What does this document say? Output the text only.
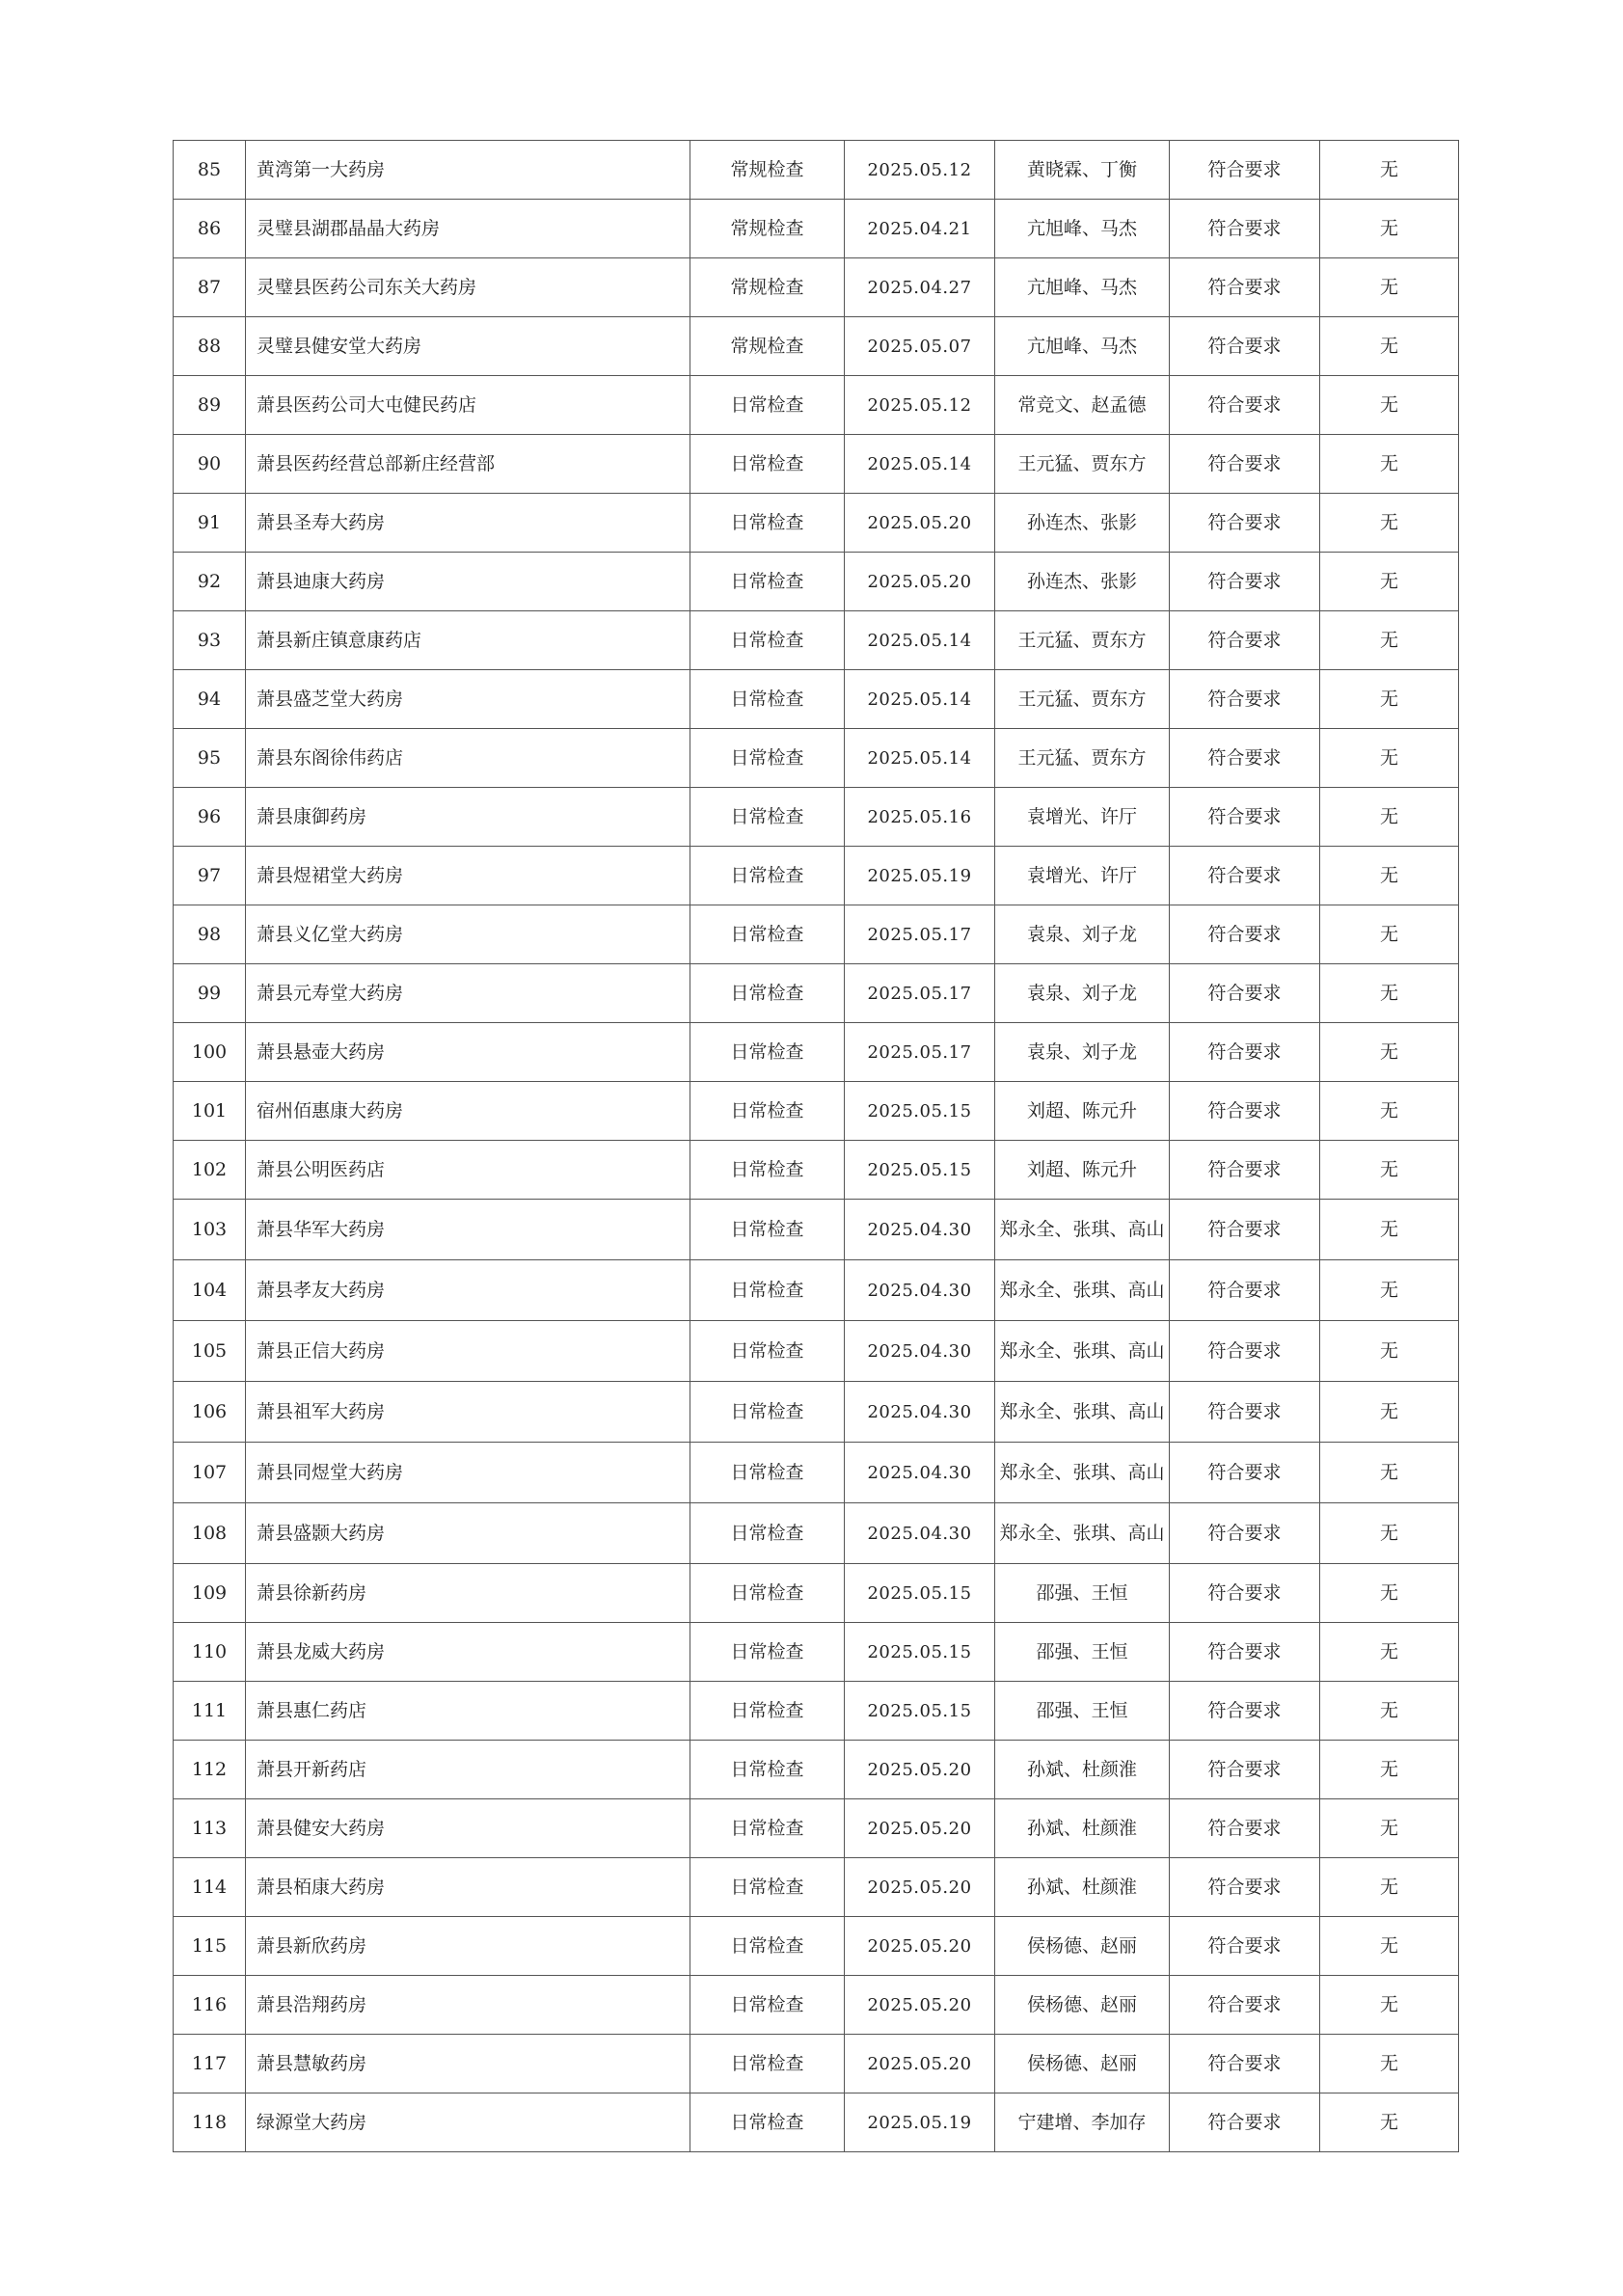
85	黄湾第一大药房	常规检查	2025.05.12	黄晓霖、丁衡	符合要求	无
86	灵璧县湖郡晶晶大药房	常规检查	2025.04.21	亢旭峰、马杰	符合要求	无
87	灵璧县医药公司东关大药房	常规检查	2025.04.27	亢旭峰、马杰	符合要求	无
88	灵璧县健安堂大药房	常规检查	2025.05.07	亢旭峰、马杰	符合要求	无
89	萧县医药公司大屯健民药店	日常检查	2025.05.12	常竞文、赵孟德	符合要求	无
90	萧县医药经营总部新庄经营部	日常检查	2025.05.14	王元猛、贾东方	符合要求	无
91	萧县圣寿大药房	日常检查	2025.05.20	孙连杰、张影	符合要求	无
92	萧县迪康大药房	日常检查	2025.05.20	孙连杰、张影	符合要求	无
93	萧县新庄镇意康药店	日常检查	2025.05.14	王元猛、贾东方	符合要求	无
94	萧县盛芝堂大药房	日常检查	2025.05.14	王元猛、贾东方	符合要求	无
95	萧县东阁徐伟药店	日常检查	2025.05.14	王元猛、贾东方	符合要求	无
96	萧县康御药房	日常检查	2025.05.16	袁增光、许厅	符合要求	无
97	萧县煜裙堂大药房	日常检查	2025.05.19	袁增光、许厅	符合要求	无
98	萧县义亿堂大药房	日常检查	2025.05.17	袁泉、刘子龙	符合要求	无
99	萧县元寿堂大药房	日常检查	2025.05.17	袁泉、刘子龙	符合要求	无
100	萧县悬壶大药房	日常检查	2025.05.17	袁泉、刘子龙	符合要求	无
101	宿州佰惠康大药房	日常检查	2025.05.15	刘超、陈元升	符合要求	无
102	萧县公明医药店	日常检查	2025.05.15	刘超、陈元升	符合要求	无
103	萧县华军大药房	日常检查	2025.04.30	郑永全、张琪、高山	符合要求	无
104	萧县孝友大药房	日常检查	2025.04.30	郑永全、张琪、高山	符合要求	无
105	萧县正信大药房	日常检查	2025.04.30	郑永全、张琪、高山	符合要求	无
106	萧县祖军大药房	日常检查	2025.04.30	郑永全、张琪、高山	符合要求	无
107	萧县同煜堂大药房	日常检查	2025.04.30	郑永全、张琪、高山	符合要求	无
108	萧县盛颢大药房	日常检查	2025.04.30	郑永全、张琪、高山	符合要求	无
109	萧县徐新药房	日常检查	2025.05.15	邵强、王恒	符合要求	无
110	萧县龙威大药房	日常检查	2025.05.15	邵强、王恒	符合要求	无
111	萧县惠仁药店	日常检查	2025.05.15	邵强、王恒	符合要求	无
112	萧县开新药店	日常检查	2025.05.20	孙斌、杜颜淮	符合要求	无
113	萧县健安大药房	日常检查	2025.05.20	孙斌、杜颜淮	符合要求	无
114	萧县栢康大药房	日常检查	2025.05.20	孙斌、杜颜淮	符合要求	无
115	萧县新欣药房	日常检查	2025.05.20	侯杨德、赵丽	符合要求	无
116	萧县浩翔药房	日常检查	2025.05.20	侯杨德、赵丽	符合要求	无
117	萧县慧敏药房	日常检查	2025.05.20	侯杨德、赵丽	符合要求	无
118	绿源堂大药房	日常检查	2025.05.19	宁建增、李加存	符合要求	无
